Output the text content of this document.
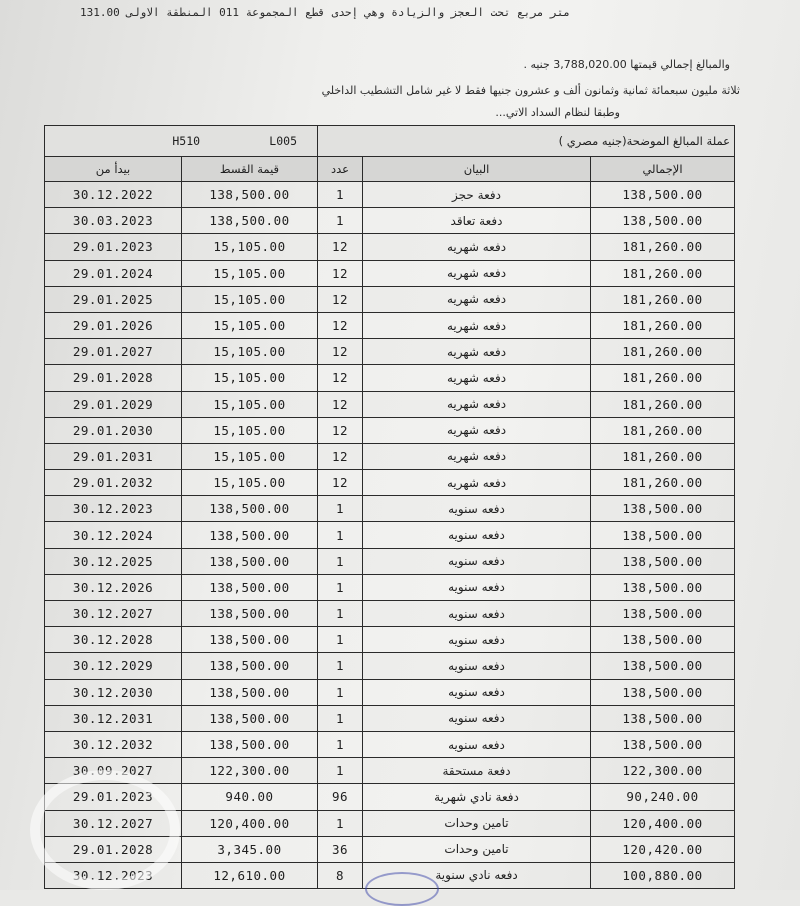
131.00 متر مربع تحت العجز والزيادة وهي إحدى قطع المجموعة 011 المنطقة الاولى
والمبالغ إجمالي قيمتها 3,788,020.00 جنيه .
ثلاثة مليون سبعمائة ثمانية وثمانون ألف و عشرون جنيها فقط لا غير شامل التشطيب الداخلي
وطبقا لنظام السداد الاتي...
H510 L005		عملة المبالغ الموضحة(جنيه مصري )		
بيدأ من	قيمة القسط	عدد	البيان	الإجمالي
30.12.2022	138,500.00	1	دفعة حجز	138,500.00
30.03.2023	138,500.00	1	دفعة تعاقد	138,500.00
29.01.2023	15,105.00	12	دفعه شهريه	181,260.00
29.01.2024	15,105.00	12	دفعه شهريه	181,260.00
29.01.2025	15,105.00	12	دفعه شهريه	181,260.00
29.01.2026	15,105.00	12	دفعه شهريه	181,260.00
29.01.2027	15,105.00	12	دفعه شهريه	181,260.00
29.01.2028	15,105.00	12	دفعه شهريه	181,260.00
29.01.2029	15,105.00	12	دفعه شهريه	181,260.00
29.01.2030	15,105.00	12	دفعه شهريه	181,260.00
29.01.2031	15,105.00	12	دفعه شهريه	181,260.00
29.01.2032	15,105.00	12	دفعه شهريه	181,260.00
30.12.2023	138,500.00	1	دفعه سنويه	138,500.00
30.12.2024	138,500.00	1	دفعه سنويه	138,500.00
30.12.2025	138,500.00	1	دفعه سنويه	138,500.00
30.12.2026	138,500.00	1	دفعه سنويه	138,500.00
30.12.2027	138,500.00	1	دفعه سنويه	138,500.00
30.12.2028	138,500.00	1	دفعه سنويه	138,500.00
30.12.2029	138,500.00	1	دفعه سنويه	138,500.00
30.12.2030	138,500.00	1	دفعه سنويه	138,500.00
30.12.2031	138,500.00	1	دفعه سنويه	138,500.00
30.12.2032	138,500.00	1	دفعه سنويه	138,500.00
30.09.2027	122,300.00	1	دفعة مستحقة	122,300.00
29.01.2023	940.00	96	دفعة نادي شهرية	90,240.00
30.12.2027	120,400.00	1	تامين وحدات	120,400.00
29.01.2028	3,345.00	36	تامين وحدات	120,420.00
30.12.2023	12,610.00	8	دفعه نادي سنوية	100,880.00
